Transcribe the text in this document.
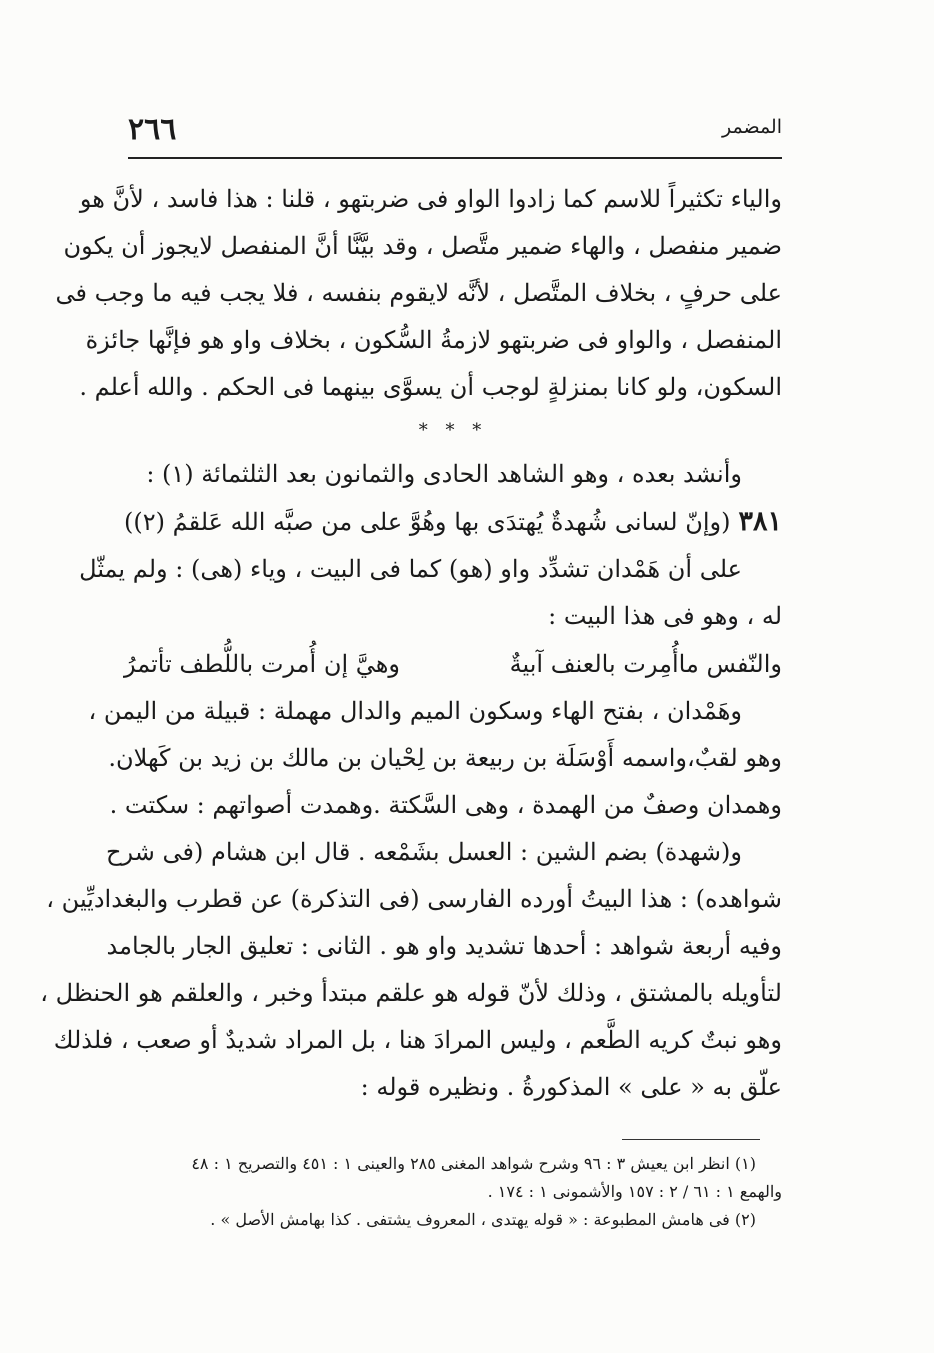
٢٦٦	المضمر
والياء تكثيراً للاسم كما زادوا الواو فى ضربتهو ، قلنا : هذا فاسد ، لأنَّ هو
ضمير منفصل ، والهاء ضمير متَّصل ، وقد بيَّنَّا أنَّ المنفصل لايجوز أن يكون
على حرفٍ ، بخلاف المتَّصل ، لأنَّه لايقوم بنفسه ، فلا يجب فيه ما وجب فى
المنفصل ، والواو فى ضربتهو لازمةُ السُّكون ، بخلاف واو هو فإنَّها جائزة
السكون، ولو كانا بمنزلةٍ لوجب أن يسوَّى بينهما فى الحكم . والله أعلم .
* * *
وأنشد بعده ، وهو الشاهد الحادى والثمانون بعد الثلثمائة (١) :
٣٨١(وإنّ لسانى شُهدةٌ يُهتدَى بها
وهُوَّ على من صبَّه الله عَلقمُ (٢))
على أن هَمْدان تشدِّد واو (هو) كما فى البيت ، وياء (هى) : ولم يمثّل
له ، وهو فى هذا البيت :
والنّفس ماأُمِرت بالعنف آبيةٌ
وهيَّ إن أُمرت باللُّطف تأتمرُ
وهَمْدان ، بفتح الهاء وسكون الميم والدال مهملة : قبيلة من اليمن ،
وهو لقبٌ،واسمه أَوْسَلَة بن ربيعة بن لِحْيان بن مالك بن زيد بن كَهلان.
وهمدان وصفٌ من الهمدة ، وهى السَّكتة .وهمدت أصواتهم : سكتت .
و(شهدة) بضم الشين : العسل بشَمْعه . قال ابن هشام (فى شرح
شواهده) : هذا البيتُ أورده الفارسى (فى التذكرة) عن قطرب والبغداديِّين ،
وفيه أربعة شواهد : أحدها تشديد واو هو . الثانى : تعليق الجار بالجامد
لتأويله بالمشتق ، وذلك لأنّ قوله هو علقم مبتدأ وخبر ، والعلقم هو الحنظل ،
وهو نبتٌ كريه الطَّعم ، وليس المرادَ هنا ، بل المراد شديدٌ أو صعب ، فلذلك
علّق به « على » المذكورةُ . ونظيره قوله :
(١) انظر ابن يعيش ٣ : ٩٦ وشرح شواهد المغنى ٢٨٥ والعينى ١ : ٤٥١ والتصريح ١ : ٤٨
والهمع ١ : ٦١ / ٢ : ١٥٧ والأشمونى ١ : ١٧٤ .
(٢) فى هامش المطبوعة : « قوله يهتدى ، المعروف يشتفى . كذا بهامش الأصل » .
